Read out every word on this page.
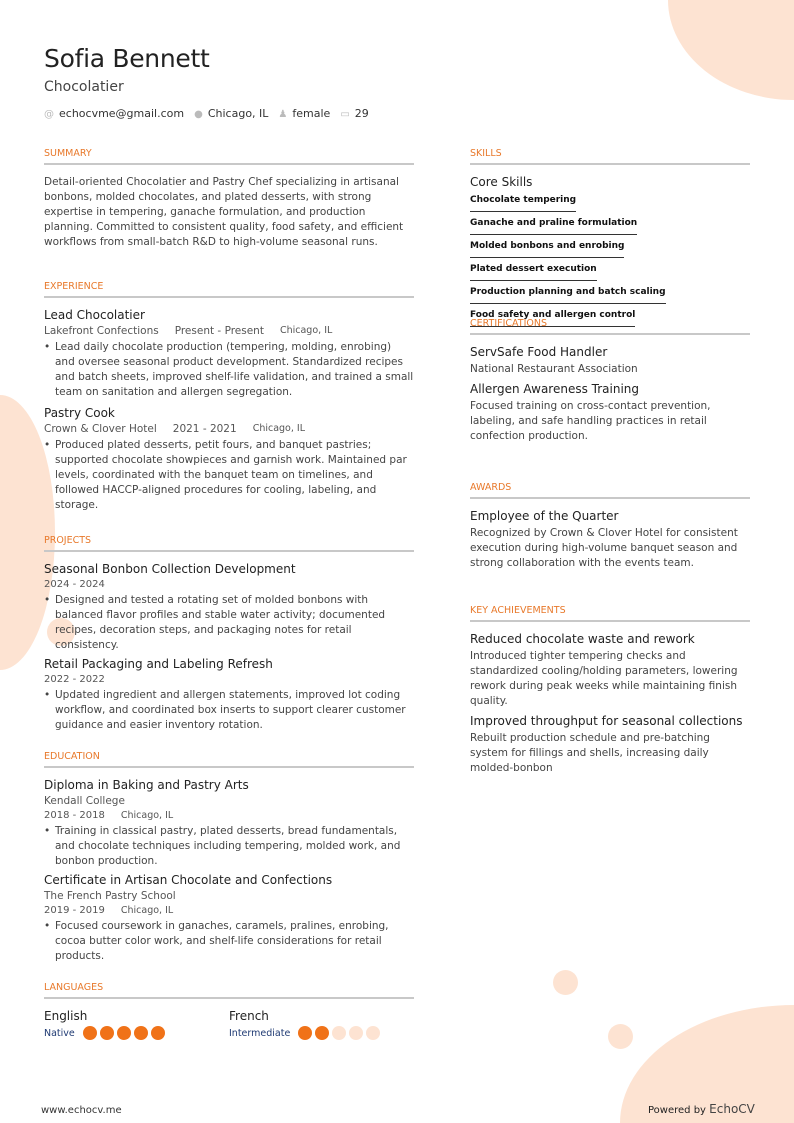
Sofia Bennett
Chocolatier
@ echocvme@gmail.com ● Chicago, IL ♟ female ▭ 29
SUMMARY
Detail-oriented Chocolatier and Pastry Chef specializing in artisanal bonbons, molded chocolates, and plated desserts, with strong expertise in tempering, ganache formulation, and production planning. Committed to consistent quality, food safety, and efficient workflows from small-batch R&D to high-volume seasonal runs.
EXPERIENCE
Lead Chocolatier
Lakefront Confections Present - Present Chicago, IL
• Lead daily chocolate production (tempering, molding, enrobing) and oversee seasonal product development. Standardized recipes and batch sheets, improved shelf-life validation, and trained a small team on sanitation and allergen segregation.
Pastry Cook
Crown & Clover Hotel 2021 - 2021 Chicago, IL
• Produced plated desserts, petit fours, and banquet pastries; supported chocolate showpieces and garnish work. Maintained par levels, coordinated with the banquet team on timelines, and followed HACCP-aligned procedures for cooling, labeling, and storage.
PROJECTS
Seasonal Bonbon Collection Development
2024 - 2024
• Designed and tested a rotating set of molded bonbons with balanced flavor profiles and stable water activity; documented recipes, decoration steps, and packaging notes for retail consistency.
Retail Packaging and Labeling Refresh
2022 - 2022
• Updated ingredient and allergen statements, improved lot coding workflow, and coordinated box inserts to support clearer customer guidance and easier inventory rotation.
EDUCATION
Diploma in Baking and Pastry Arts
Kendall College
2018 - 2018 Chicago, IL
• Training in classical pastry, plated desserts, bread fundamentals, and chocolate techniques including tempering, molded work, and bonbon production.
Certificate in Artisan Chocolate and Confections
The French Pastry School
2019 - 2019 Chicago, IL
• Focused coursework in ganaches, caramels, pralines, enrobing, cocoa butter color work, and shelf-life considerations for retail products.
LANGUAGES
English
Native
French
Intermediate
SKILLS
Core Skills
Chocolate tempering
Ganache and praline formulation
Molded bonbons and enrobing
Plated dessert execution
Production planning and batch scaling
Food safety and allergen control
CERTIFICATIONS
ServSafe Food Handler
National Restaurant Association
Allergen Awareness Training
Focused training on cross-contact prevention, labeling, and safe handling practices in retail confection production.
AWARDS
Employee of the Quarter
Recognized by Crown & Clover Hotel for consistent execution during high-volume banquet season and strong collaboration with the events team.
KEY ACHIEVEMENTS
Reduced chocolate waste and rework
Introduced tighter tempering checks and standardized cooling/holding parameters, lowering rework during peak weeks while maintaining finish quality.
Improved throughput for seasonal collections
Rebuilt production schedule and pre-batching system for fillings and shells, increasing daily molded-bonbon
www.echocv.me	Powered by EchoCV
